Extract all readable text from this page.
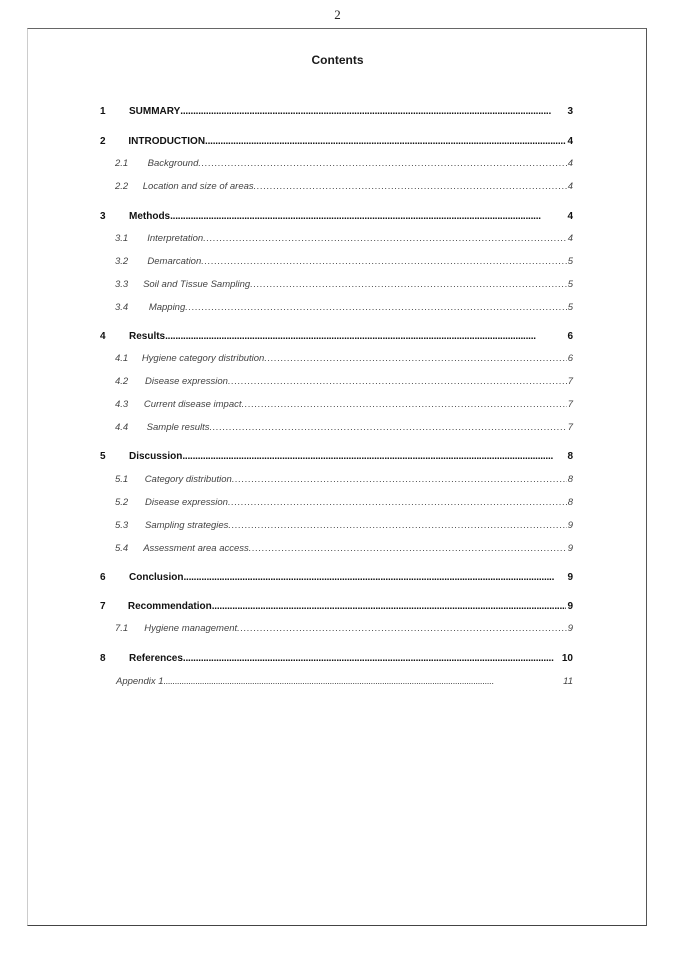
2
Contents
1	SUMMARY . . .	3
2	INTRODUCTION . . .	4
2.1	Background . . .	4
2.2	Location and size of areas . . .	4
3	Methods . . .	4
3.1	Interpretation . . .	4
3.2	Demarcation . . .	5
3.3	Soil and Tissue Sampling . . .	5
3.4	Mapping . . .	5
4	Results . . .	6
4.1	Hygiene category distribution . . .	6
4.2	Disease expression . . .	7
4.3	Current disease impact . . .	7
4.4	Sample results . . .	7
5	Discussion . . .	8
5.1	Category distribution . . .	8
5.2	Disease expression . . .	8
5.3	Sampling strategies . . .	9
5.4	Assessment area access . . .	9
6	Conclusion . . .	9
7	Recommendation . . .	9
7.1	Hygiene management . . .	9
8	References . . .	10
Appendix 1 . . .	11
